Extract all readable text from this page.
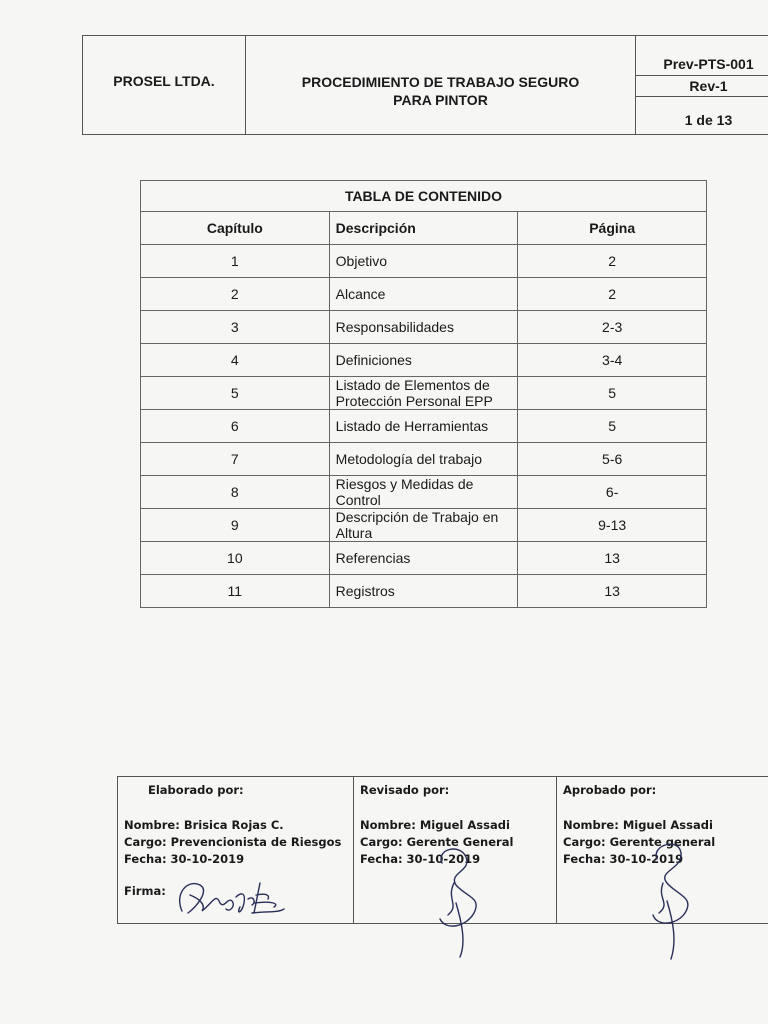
PROSEL LTDA.	PROCEDIMIENTO DE TRABAJO SEGURO
PARA PINTOR
Prev-PTS-001
Rev-1
1 de 13
TABLA DE CONTENIDO		
Capítulo	Descripción	Página
1	Objetivo	2
2	Alcance	2
3	Responsabilidades	2-3
4	Definiciones	3-4
5	Listado de Elementos de Protección Personal EPP	5
6	Listado de Herramientas	5
7	Metodología del trabajo	5-6
8	Riesgos y Medidas de Control	6-
9	Descripción de Trabajo en Altura	9-13
10	Referencias	13
11	Registros	13
Elaborado por:
Nombre: Brisica Rojas C.
Cargo: Prevencionista de Riesgos
Fecha: 30-10-2019
Firma:
Revisado por:
Nombre: Miguel Assadi
Cargo: Gerente General
Fecha: 30-10-2019
Aprobado por:
Nombre: Miguel Assadi
Cargo: Gerente general
Fecha: 30-10-2019
